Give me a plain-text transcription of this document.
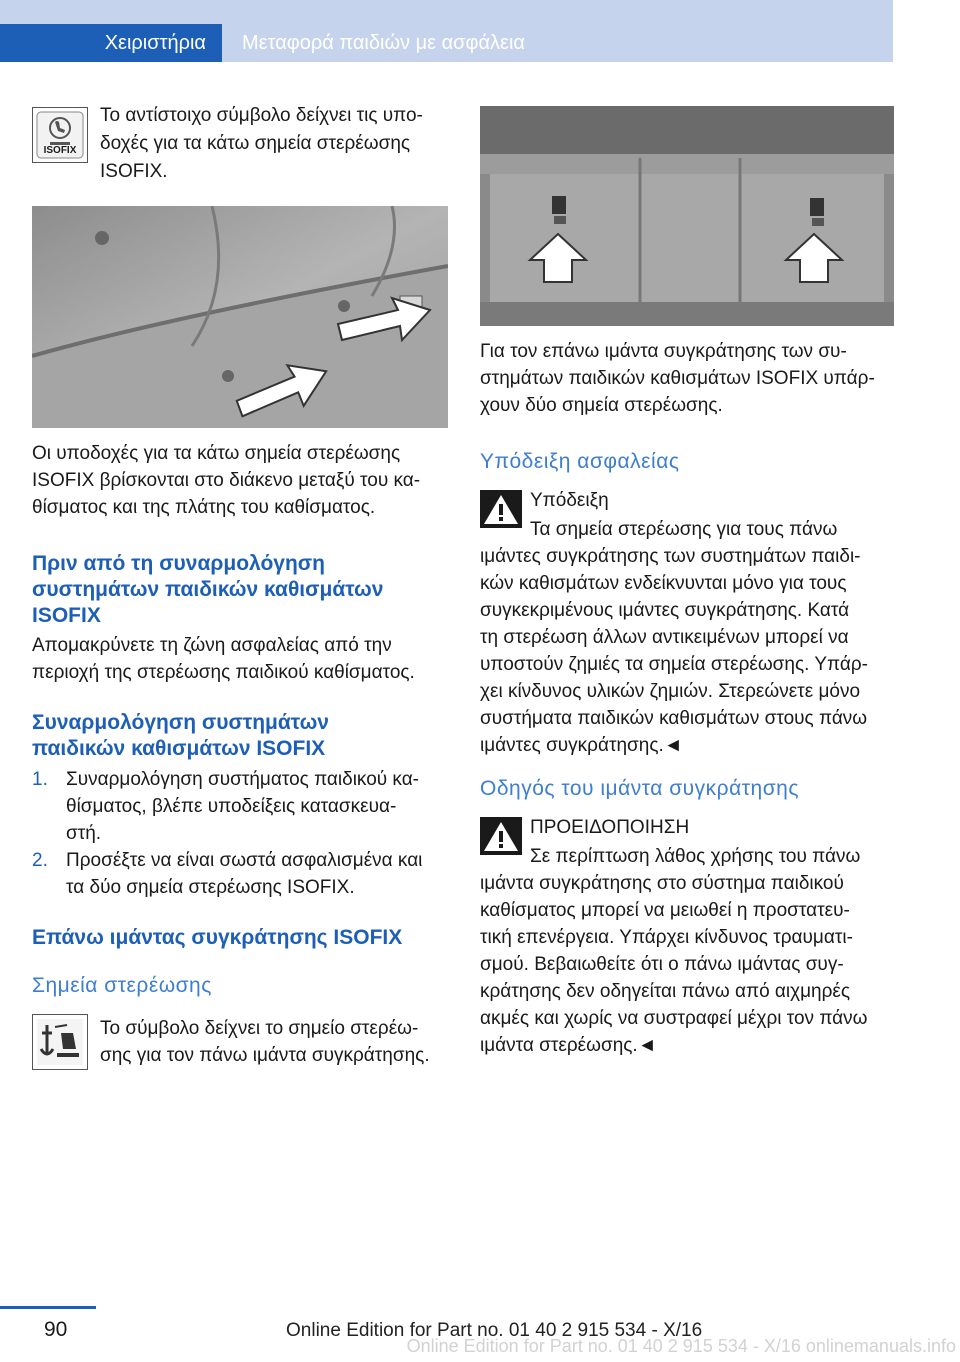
Χειριστήρια	Μεταφορά παιδιών με ασφάλεια
ISOFIX

Το αντίστοιχο σύμβολο δείχνει τις υπο‐

δοχές για τα κάτω σημεία στερέωσης

ISOFIX.

Οι υποδοχές για τα κάτω σημεία στερέωσης

ISOFIX βρίσκονται στο διάκενο μεταξύ του κα‐

θίσματος και της πλάτης του καθίσματος.

Πριν από τη συναρμολόγηση
συστημάτων παιδικών καθισμάτων
ISOFIX

Απομακρύνετε τη ζώνη ασφαλείας από την

περιοχή της στερέωσης παιδικού καθίσματος.

Συναρμολόγηση συστημάτων
παιδικών καθισμάτων ISOFIX
1. Συναρμολόγηση συστήματος παιδικού κα‐

θίσματος, βλέπε υποδείξεις κατασκευα‐

στή.

2. Προσέξτε να είναι σωστά ασφαλισμένα και

τα δύο σημεία στερέωσης ISOFIX.

Επάνω ιμάντας συγκράτησης ISOFIX
Σημεία στερέωσης

Το σύμβολο δείχνει το σημείο στερέω‐

σης για τον πάνω ιμάντα συγκράτησης.

Για τον επάνω ιμάντα συγκράτησης των συ‐

στημάτων παιδικών καθισμάτων ISOFIX υπάρ‐

χουν δύο σημεία στερέωσης.

Υπόδειξη ασφαλείας

Υπόδειξη

Τα σημεία στερέωσης για τους πάνω

ιμάντες συγκράτησης των συστημάτων παιδι‐

κών καθισμάτων ενδείκνυνται μόνο για τους

συγκεκριμένους ιμάντες συγκράτησης. Κατά

τη στερέωση άλλων αντικειμένων μπορεί να

υποστούν ζημιές τα σημεία στερέωσης. Υπάρ‐

χει κίνδυνος υλικών ζημιών. Στερεώνετε μόνο

συστήματα παιδικών καθισμάτων στους πάνω

ιμάντες συγκράτησης.◄

Οδηγός του ιμάντα συγκράτησης

ΠΡΟΕΙΔΟΠΟΙΗΣΗ

Σε περίπτωση λάθος χρήσης του πάνω

ιμάντα συγκράτησης στο σύστημα παιδικού

καθίσματος μπορεί να μειωθεί η προστατευ‐

τική επενέργεια. Υπάρχει κίνδυνος τραυματι‐

σμού. Βεβαιωθείτε ότι ο πάνω ιμάντας συγ‐

κράτησης δεν οδηγείται πάνω από αιχμηρές

ακμές και χωρίς να συστραφεί μέχρι τον πάνω

ιμάντα στερέωσης.◄

90	Online Edition for Part no. 01 40 2 915 534 - X/16
Online Edition for Part no. 01 40 2 915 534 - X/16 onlinemanuals.info
